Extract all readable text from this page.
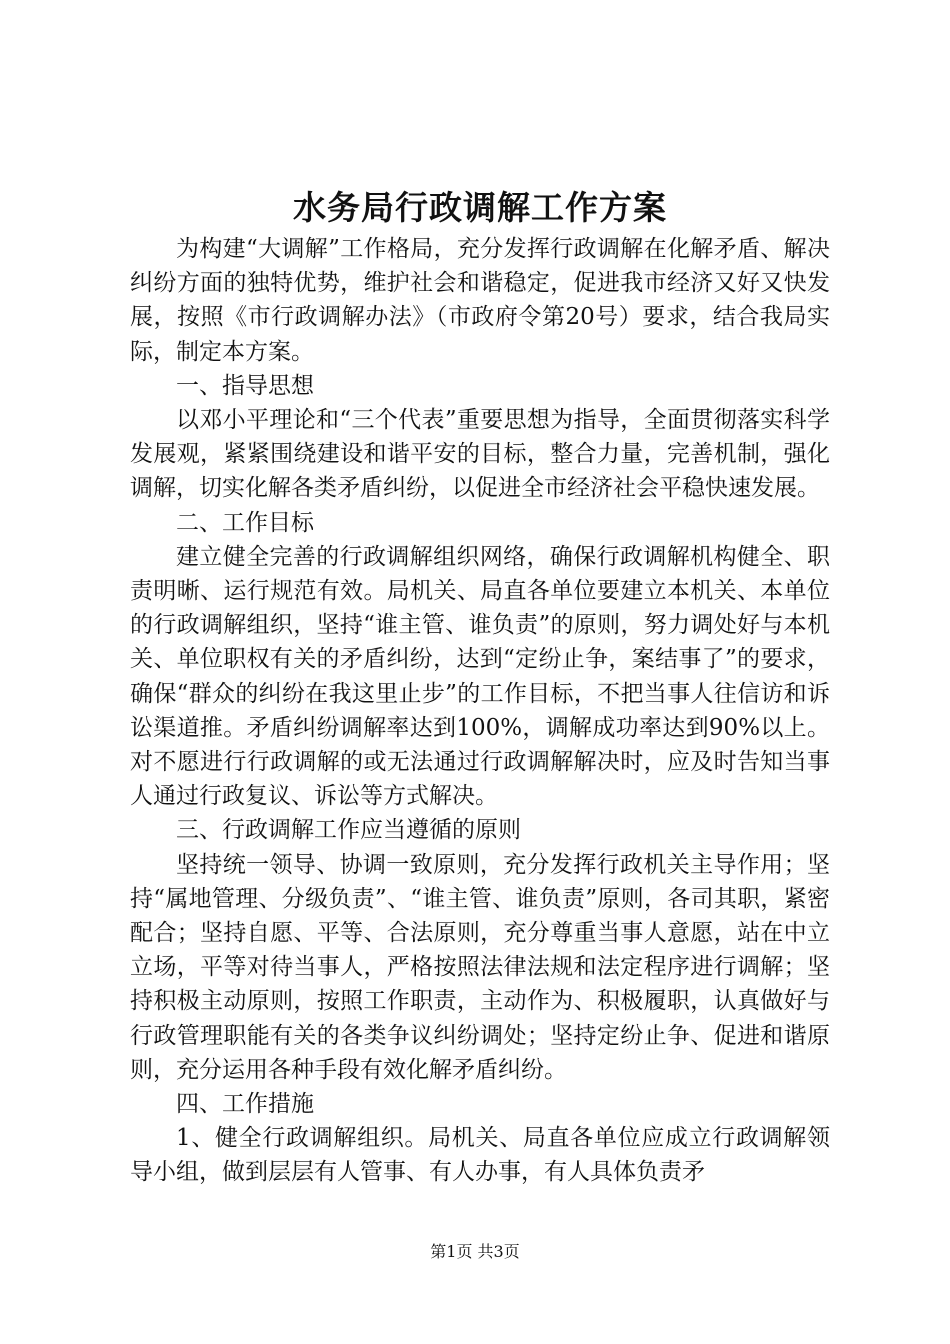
水务局行政调解工作方案

为构建“大调解”工作格局，充分发挥行政调解在化解矛盾、解决纠纷方面的独特优势，维护社会和谐稳定，促进我市经济又好又快发展，按照《市行政调解办法》（市政府令第20号）要求，结合我局实际，制定本方案。

一、指导思想

以邓小平理论和“三个代表”重要思想为指导，全面贯彻落实科学发展观，紧紧围绕建设和谐平安的目标，整合力量，完善机制，强化调解，切实化解各类矛盾纠纷，以促进全市经济社会平稳快速发展。

二、工作目标

建立健全完善的行政调解组织网络，确保行政调解机构健全、职责明晰、运行规范有效。局机关、局直各单位要建立本机关、本单位的行政调解组织，坚持“谁主管、谁负责”的原则，努力调处好与本机关、单位职权有关的矛盾纠纷，达到“定纷止争，案结事了”的要求，确保“群众的纠纷在我这里止步”的工作目标，不把当事人往信访和诉讼渠道推。矛盾纠纷调解率达到100%，调解成功率达到90%以上。对不愿进行行政调解的或无法通过行政调解解决时，应及时告知当事人通过行政复议、诉讼等方式解决。

三、行政调解工作应当遵循的原则

坚持统一领导、协调一致原则，充分发挥行政机关主导作用；坚持“属地管理、分级负责”、“谁主管、谁负责”原则，各司其职，紧密配合；坚持自愿、平等、合法原则，充分尊重当事人意愿，站在中立立场，平等对待当事人，严格按照法律法规和法定程序进行调解；坚持积极主动原则，按照工作职责，主动作为、积极履职，认真做好与行政管理职能有关的各类争议纠纷调处；坚持定纷止争、促进和谐原则，充分运用各种手段有效化解矛盾纠纷。

四、工作措施

1、健全行政调解组织。局机关、局直各单位应成立行政调解领导小组，做到层层有人管事、有人办事，有人具体负责矛

第1页 共3页
